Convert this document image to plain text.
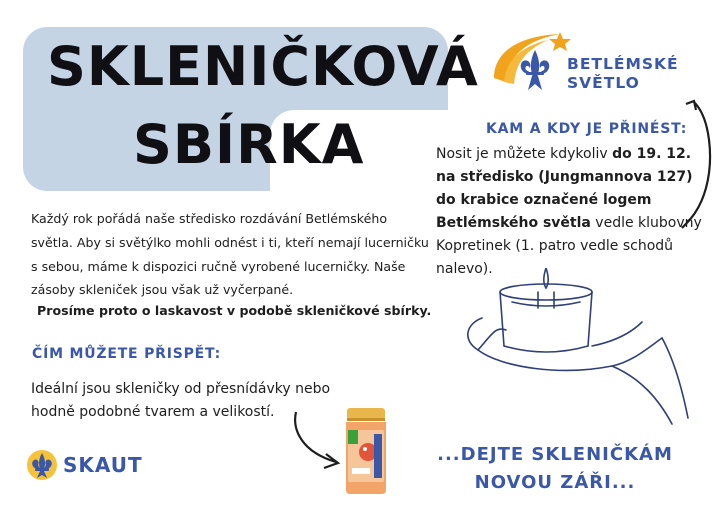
SKLENIČKOVÁ
SBÍRKA
BETLÉMSKÉ
SVĚTLO
KAM A KDY JE PŘINÉST:
Nosit je můžete kdykoliv do 19. 12. na středisko (Jungmannova 127) do krabice označené logem Betlémského světla vedle klubovny Kopretinek (1. patro vedle schodů nalevo).
Každý rok pořádá naše středisko rozdávání Betlémského světla. Aby si světýlko mohli odnést i ti, kteří nemají lucerničku s sebou, máme k dispozici ručně vyrobené lucerničky. Naše zásoby skleniček jsou však už vyčerpané.
Prosíme proto o laskavost v podobě skleničkové sbírky.
ČÍM MŮŽETE PŘISPĚT:
Ideální jsou skleničky od přesnídávky nebo hodně podobné tvarem a velikostí.
SKAUT	...DEJTE SKLENIČKÁM
NOVOU ZÁŘI...
